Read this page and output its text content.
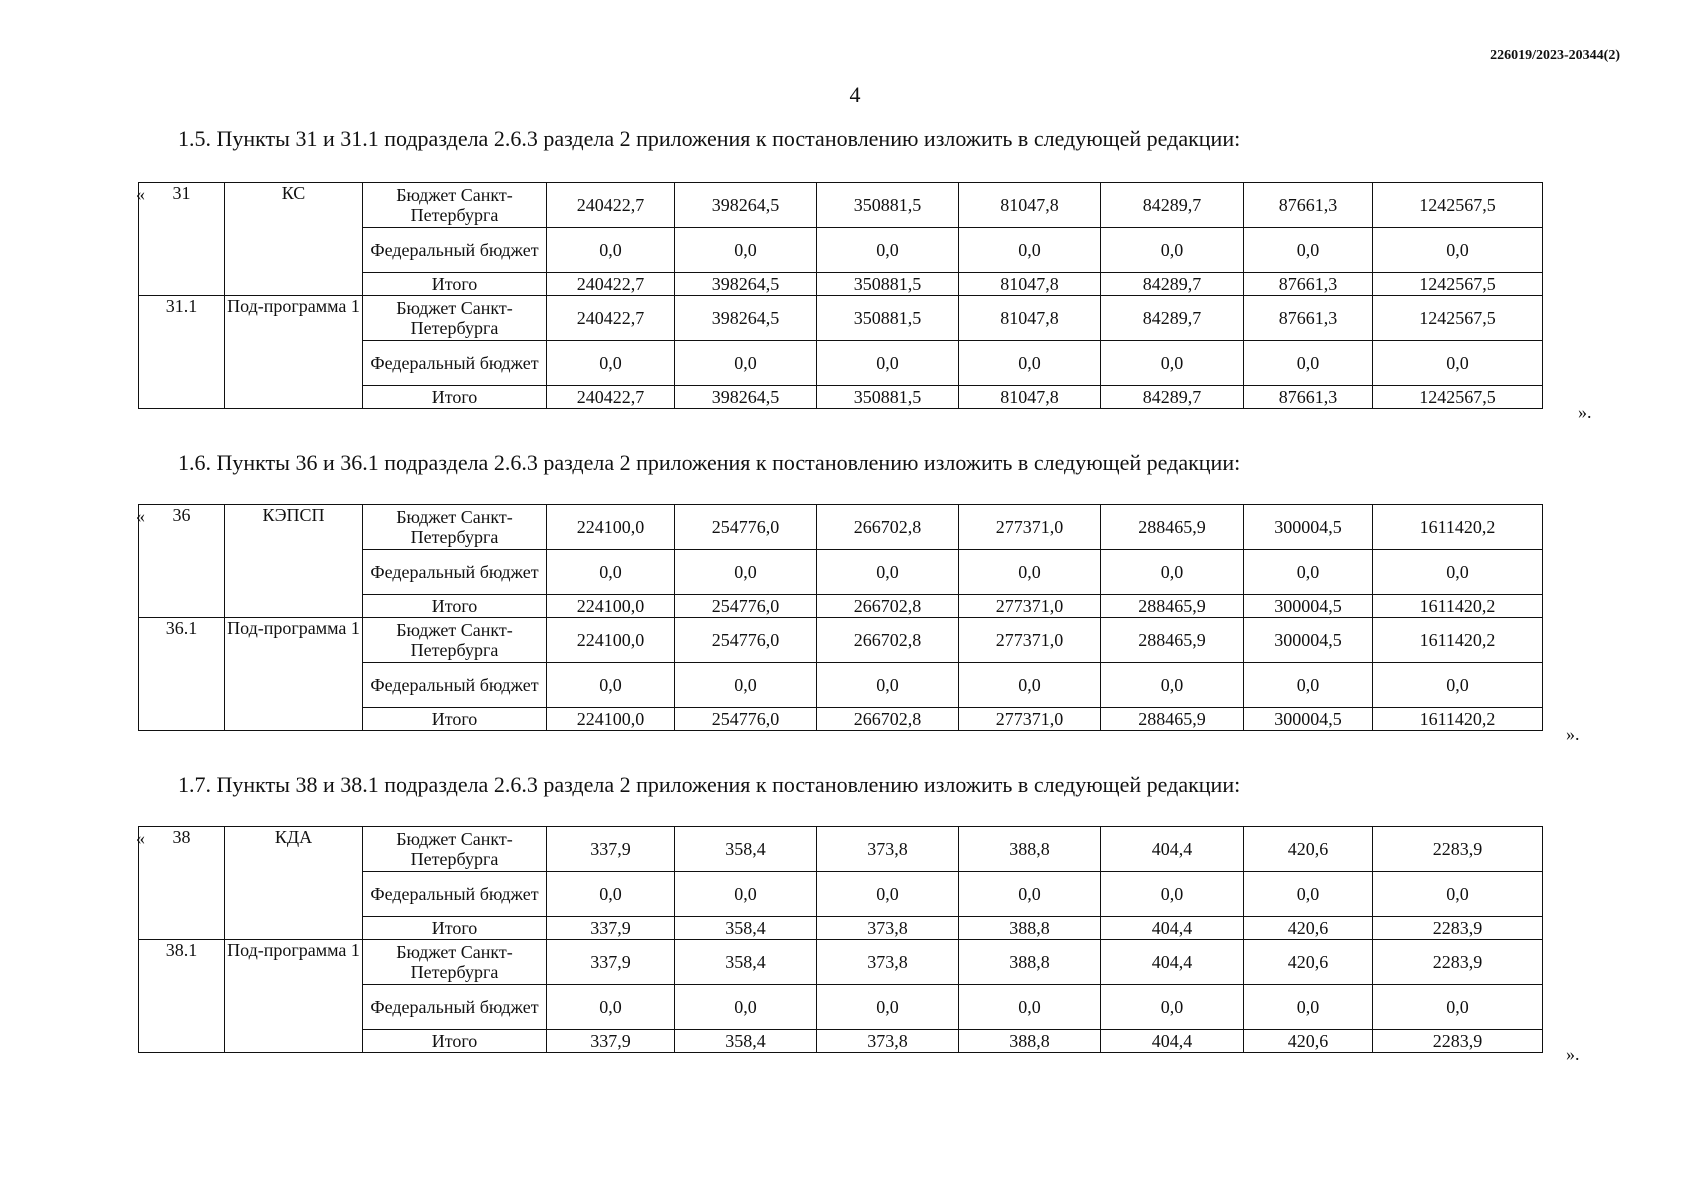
226019/2023-20344(2)
4
1.5. Пункты 31 и 31.1 подраздела 2.6.3 раздела 2 приложения к постановлению изложить в следующей редакции:
« 31	КС	Бюджет Санкт-Петербурга	240422,7	398264,5	350881,5	81047,8	84289,7	87661,3	1242567,5
		Федеральный бюджет	0,0	0,0	0,0	0,0	0,0	0,0	0,0
		Итого	240422,7	398264,5	350881,5	81047,8	84289,7	87661,3	1242567,5
31.1	Под-программа 1	Бюджет Санкт-Петербурга	240422,7	398264,5	350881,5	81047,8	84289,7	87661,3	1242567,5
		Федеральный бюджет	0,0	0,0	0,0	0,0	0,0	0,0	0,0
		Итого	240422,7	398264,5	350881,5	81047,8	84289,7	87661,3	1242567,5
».
1.6. Пункты 36 и 36.1 подраздела 2.6.3 раздела 2 приложения к постановлению изложить в следующей редакции:
« 36	КЭПСП	Бюджет Санкт-Петербурга	224100,0	254776,0	266702,8	277371,0	288465,9	300004,5	1611420,2
		Федеральный бюджет	0,0	0,0	0,0	0,0	0,0	0,0	0,0
		Итого	224100,0	254776,0	266702,8	277371,0	288465,9	300004,5	1611420,2
36.1	Под-программа 1	Бюджет Санкт-Петербурга	224100,0	254776,0	266702,8	277371,0	288465,9	300004,5	1611420,2
		Федеральный бюджет	0,0	0,0	0,0	0,0	0,0	0,0	0,0
		Итого	224100,0	254776,0	266702,8	277371,0	288465,9	300004,5	1611420,2
».
1.7. Пункты 38 и 38.1 подраздела 2.6.3 раздела 2 приложения к постановлению изложить в следующей редакции:
« 38	КДА	Бюджет Санкт-Петербурга	337,9	358,4	373,8	388,8	404,4	420,6	2283,9
		Федеральный бюджет	0,0	0,0	0,0	0,0	0,0	0,0	0,0
		Итого	337,9	358,4	373,8	388,8	404,4	420,6	2283,9
38.1	Под-программа 1	Бюджет Санкт-Петербурга	337,9	358,4	373,8	388,8	404,4	420,6	2283,9
		Федеральный бюджет	0,0	0,0	0,0	0,0	0,0	0,0	0,0
		Итого	337,9	358,4	373,8	388,8	404,4	420,6	2283,9
».
